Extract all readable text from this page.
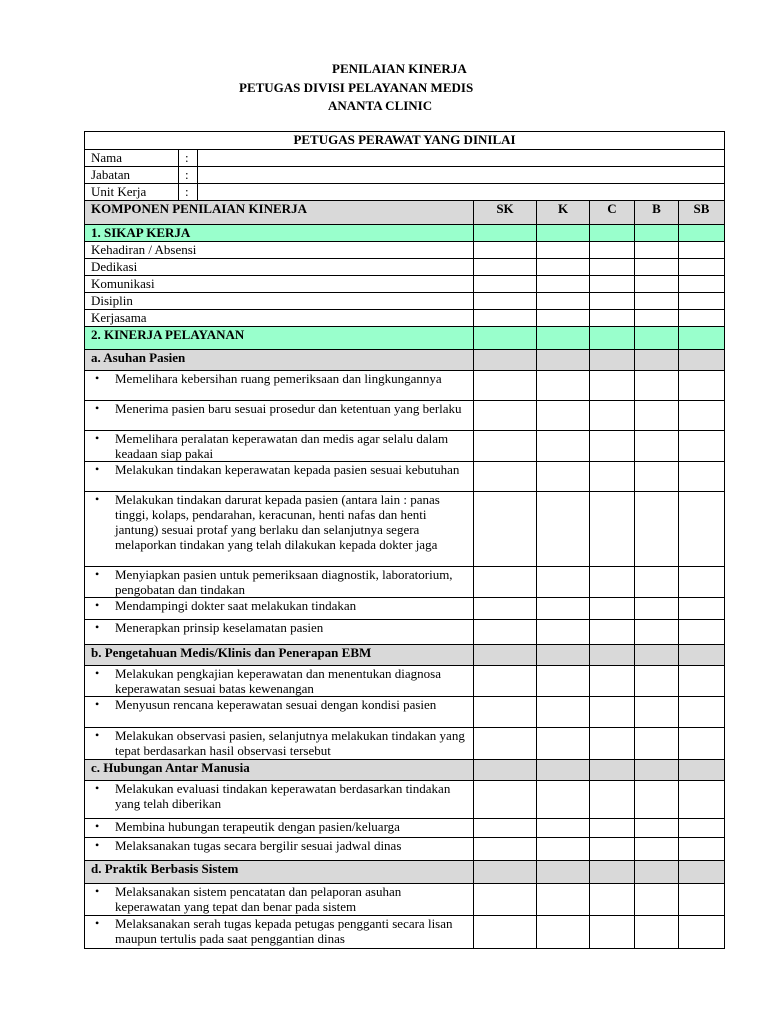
PENILAIAN KINERJA
PETUGAS DIVISI PELAYANAN MEDIS
ANANTA CLINIC
PETUGAS PERAWAT YANG DINILAI							
Nama	:						
Jabatan	:						
Unit Kerja	:						
KOMPONEN PENILAIAN KINERJA			SK	K	C	B	SB
1. SIKAP KERJA							
Kehadiran / Absensi							
Dedikasi							
Komunikasi							
Disiplin							
Kerjasama							
2. KINERJA PELAYANAN							
a. Asuhan Pasien							

• Memelihara kebersihan ruang pemeriksaan dan lingkungannya							

• Menerima pasien baru sesuai prosedur dan ketentuan yang berlaku							

• Memelihara peralatan keperawatan dan medis agar selalu dalam keadaan siap pakai							

• Melakukan tindakan keperawatan kepada pasien sesuai kebutuhan							

• Melakukan tindakan darurat kepada pasien (antara lain : panas tinggi, kolaps, pendarahan, keracunan, henti nafas dan henti jantung) sesuai protaf yang berlaku dan selanjutnya segera melaporkan tindakan yang telah dilakukan kepada dokter jaga							

• Menyiapkan pasien untuk pemeriksaan diagnostik, laboratorium, pengobatan dan tindakan							

• Mendampingi dokter saat melakukan tindakan							

• Menerapkan prinsip keselamatan pasien							

b. Pengetahuan Medis/Klinis dan Penerapan EBM							

• Melakukan pengkajian keperawatan dan menentukan diagnosa keperawatan sesuai batas kewenangan							

• Menyusun rencana keperawatan sesuai dengan kondisi pasien							

• Melakukan observasi pasien, selanjutnya melakukan tindakan yang tepat berdasarkan hasil observasi tersebut							

c. Hubungan Antar Manusia							

• Melakukan evaluasi tindakan keperawatan berdasarkan tindakan yang telah diberikan							

• Membina hubungan terapeutik dengan pasien/keluarga							

• Melaksanakan tugas secara bergilir sesuai jadwal dinas							

d. Praktik Berbasis Sistem							

• Melaksanakan sistem pencatatan dan pelaporan asuhan keperawatan yang tepat dan benar pada sistem							

• Melaksanakan serah tugas kepada petugas pengganti secara lisan maupun tertulis pada saat penggantian dinas							
